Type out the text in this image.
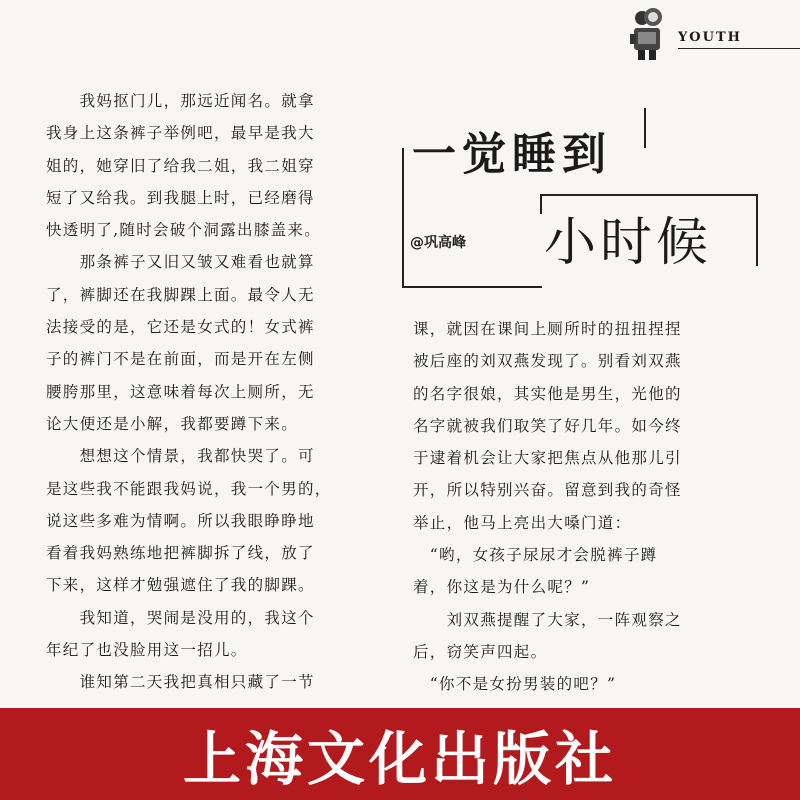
YOUTH

　　我妈抠门儿，那远近闻名。就拿

我身上这条裤子举例吧，最早是我大

姐的，她穿旧了给我二姐，我二姐穿

短了又给我。到我腿上时，已经磨得

快透明了,随时会破个洞露出膝盖来。

　　那条裤子又旧又皱又难看也就算

了，裤脚还在我脚踝上面。最令人无

法接受的是，它还是女式的！女式裤

子的裤门不是在前面，而是开在左侧

腰胯那里，这意味着每次上厕所，无

论大便还是小解，我都要蹲下来。

　　想想这个情景，我都快哭了。可

是这些我不能跟我妈说，我一个男的，

说这些多难为情啊。所以我眼睁睁地

看着我妈熟练地把裤脚拆了线，放了

下来，这样才勉强遮住了我的脚踝。

　　我知道，哭闹是没用的，我这个

年纪了也没脸用这一招儿。

　　谁知第二天我把真相只藏了一节

一觉睡到
小时候
@巩高峰

课，就因在课间上厕所时的扭扭捏捏

被后座的刘双燕发现了。别看刘双燕

的名字很娘，其实他是男生，光他的

名字就被我们取笑了好几年。如今终

于逮着机会让大家把焦点从他那儿引

开，所以特别兴奋。留意到我的奇怪

举止，他马上亮出大嗓门道：

　“哟，女孩子尿尿才会脱裤子蹲

着，你这是为什么呢？”

　　刘双燕提醒了大家，一阵观察之

后，窃笑声四起。

　“你不是女扮男装的吧？”

上海文化出版社
